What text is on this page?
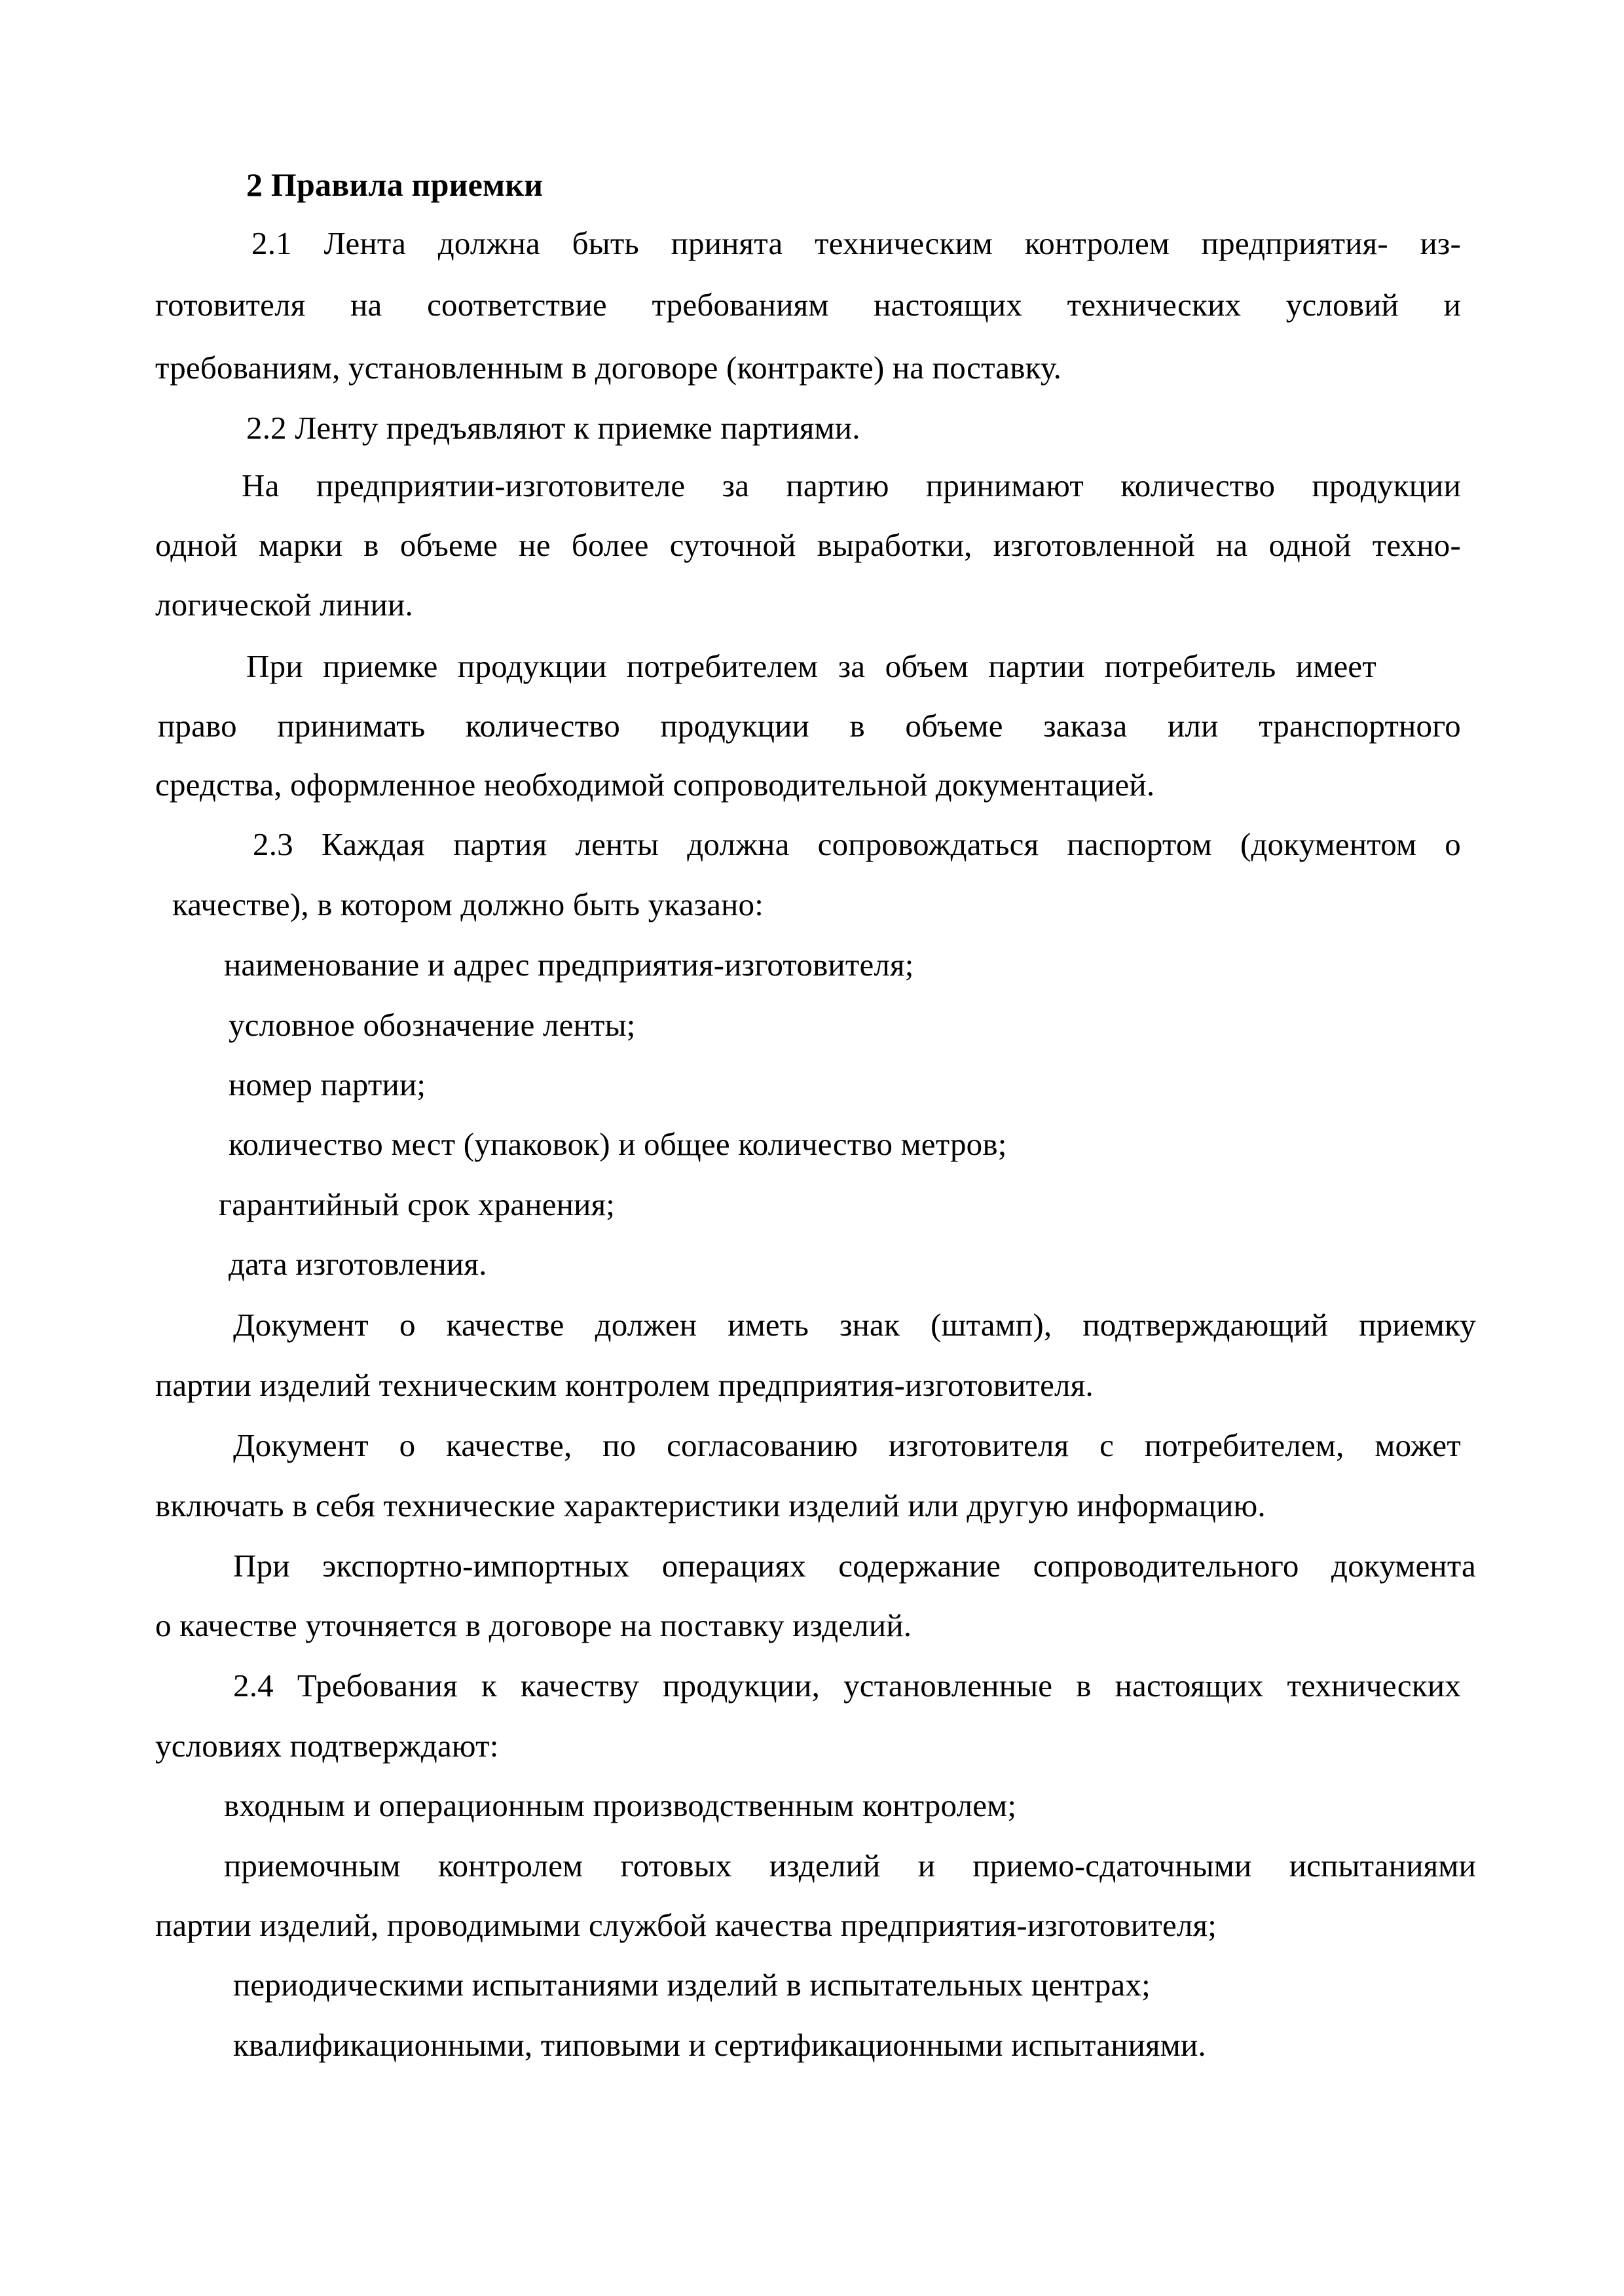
2 Правила приемки
2.1 Лента должна быть принята техническим контролем предприятия- из-
готовителя на соответствие требованиям настоящих технических условий и
требованиям, установленным в договоре (контракте) на поставку.
2.2 Ленту предъявляют к приемке партиями.
На предприятии-изготовителе за партию принимают количество продукции
одной марки в объеме не более суточной выработки, изготовленной на одной техно-
логической линии.
При приемке продукции потребителем за объем партии потребитель имеет
право принимать количество продукции в объеме заказа или транспортного
средства, оформленное необходимой сопроводительной документацией.
2.3 Каждая партия ленты должна сопровождаться паспортом (документом о
качестве), в котором должно быть указано:
наименование и адрес предприятия-изготовителя;
условное обозначение ленты;
номер партии;
количество мест (упаковок) и общее количество метров;
гарантийный срок хранения;
дата изготовления.
Документ о качестве должен иметь знак (штамп), подтверждающий приемку
партии изделий техническим контролем предприятия-изготовителя.
Документ о качестве, по согласованию изготовителя с потребителем, может
включать в себя технические характеристики изделий или другую информацию.
При экспортно-импортных операциях содержание сопроводительного документа
о качестве уточняется в договоре на поставку изделий.
2.4 Требования к качеству продукции, установленные в настоящих технических
условиях подтверждают:
входным и операционным производственным контролем;
приемочным контролем готовых изделий и приемо-сдаточными испытаниями
партии изделий, проводимыми службой качества предприятия-изготовителя;
периодическими испытаниями изделий в испытательных центрах;
квалификационными, типовыми и сертификационными испытаниями.
